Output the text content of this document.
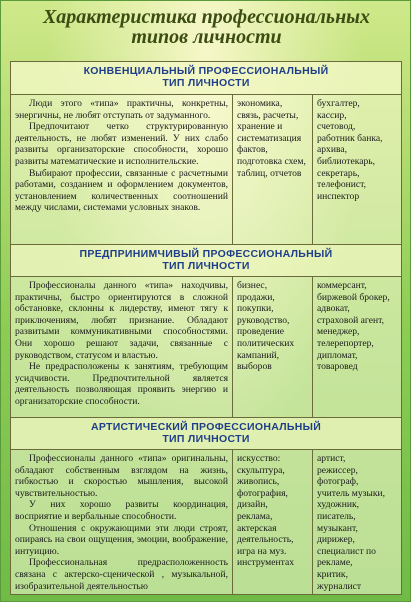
Характеристика профессиональных
типов личности
КОНВЕНЦИАЛЬНЫЙ ПРОФЕССИОНАЛЬНЫЙ
ТИП ЛИЧНОСТИ

Люди этого «типа» практичны, конкретны, энергичны, не любят отступать от задуманного.

Предпочитают четко структурированную деятельность, не любят изменений. У них слабо развиты организаторские способности, хорошо развиты математические и исполнительские.

Выбирают профессии, связанные с расчетными работами, созданием и оформлением документов, установлением количественных соотношений между числами, системами условных знаков.

экономика,
связь, расчеты,
хранение и
систематизация
фактов,
подготовка схем,
таблиц, отчетов
бухгалтер,
кассир,
счетовод,
работник банка,
архива,
библиотекарь,
секретарь,
телефонист,
инспектор
ПРЕДПРИНИМЧИВЫЙ ПРОФЕССИОНАЛЬНЫЙ
ТИП ЛИЧНОСТИ

Профессионалы данного «типа» находчивы, практичны, быстро ориентируются в сложной обстановке, склонны к лидерству, имеют тягу к приключениям, любят признание. Обладают развитыми коммуникативными способностями. Они хорошо решают задачи, связанные с руководством, статусом и властью.

Не предрасположены к занятиям, требующим усидчивости. Предпочтительной является деятельность позволяющая проявить энергию и организаторские способности.

бизнес,
продажи,
покупки,
руководство,
проведение
политических
кампаний,
выборов
коммерсант,
биржевой брокер,
адвокат,
страховой агент,
менеджер,
телерепортер,
дипломат,
товаровед
АРТИСТИЧЕСКИЙ ПРОФЕССИОНАЛЬНЫЙ
ТИП ЛИЧНОСТИ

Профессионалы данного «типа» оригинальны, обладают собственным взглядом на жизнь, гибкостью и скоростью мышления, высокой чувствительностью.

У них хорошо развиты координация, восприятие и вербальные способности.

Отношения с окружающими эти люди строят, опираясь на свои ощущения, эмоции, воображение, интуицию.

Профессиональная предрасположенность связана с актерско-сценической , музыкальной, изобразительной деятельностью

искусство:
скульптура,
живопись,
фотография,
дизайн,
реклама,
актерская
деятельность,
игра на муз.
инструментах
артист,
режиссер,
фотограф,
учитель музыки,
художник,
писатель,
музыкант,
дирижер,
специалист по
рекламе,
критик,
журналист
